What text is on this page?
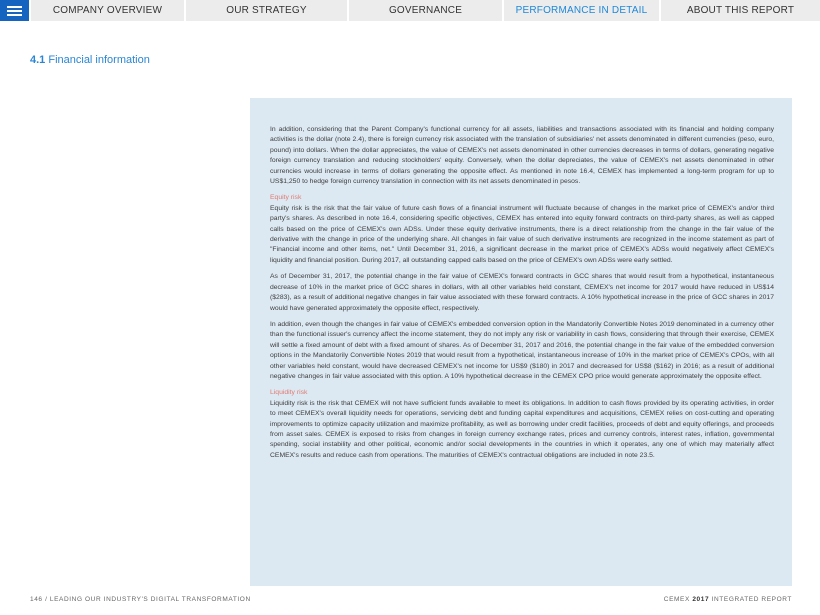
COMPANY OVERVIEW	OUR STRATEGY	GOVERNANCE	PERFORMANCE IN DETAIL	ABOUT THIS REPORT
4.1 Financial information

In addition, considering that the Parent Company's functional currency for all assets, liabilities and transactions associated with its financial and holding company activities is the dollar (note 2.4), there is foreign currency risk associated with the translation of subsidiaries' net assets denominated in different currencies (peso, euro, pound) into dollars. When the dollar appreciates, the value of CEMEX's net assets denominated in other currencies decreases in terms of dollars, generating negative foreign currency translation and reducing stockholders' equity. Conversely, when the dollar depreciates, the value of CEMEX's net assets denominated in other currencies would increase in terms of dollars generating the opposite effect. As mentioned in note 16.4, CEMEX has implemented a long-term program for up to US$1,250 to hedge foreign currency translation in connection with its net assets denominated in pesos.

Equity risk

Equity risk is the risk that the fair value of future cash flows of a financial instrument will fluctuate because of changes in the market price of CEMEX's and/or third party's shares. As described in note 16.4, considering specific objectives, CEMEX has entered into equity forward contracts on third-party shares, as well as capped calls based on the price of CEMEX's own ADSs. Under these equity derivative instruments, there is a direct relationship from the change in the fair value of the derivative with the change in price of the underlying share. All changes in fair value of such derivative instruments are recognized in the income statement as part of "Financial income and other items, net." Until December 31, 2016, a significant decrease in the market price of CEMEX's ADSs would negatively affect CEMEX's liquidity and financial position. During 2017, all outstanding capped calls based on the price of CEMEX's own ADSs were early settled.

As of December 31, 2017, the potential change in the fair value of CEMEX's forward contracts in GCC shares that would result from a hypothetical, instantaneous decrease of 10% in the market price of GCC shares in dollars, with all other variables held constant, CEMEX's net income for 2017 would have reduced in US$14 ($283), as a result of additional negative changes in fair value associated with these forward contracts. A 10% hypothetical increase in the price of GCC shares in 2017 would have generated approximately the opposite effect, respectively.

In addition, even though the changes in fair value of CEMEX's embedded conversion option in the Mandatorily Convertible Notes 2019 denominated in a currency other than the functional issuer's currency affect the income statement, they do not imply any risk or variability in cash flows, considering that through their exercise, CEMEX will settle a fixed amount of debt with a fixed amount of shares. As of December 31, 2017 and 2016, the potential change in the fair value of the embedded conversion options in the Mandatorily Convertible Notes 2019 that would result from a hypothetical, instantaneous increase of 10% in the market price of CEMEX's CPOs, with all other variables held constant, would have decreased CEMEX's net income for US$9 ($180) in 2017 and decreased for US$8 ($162) in 2016; as a result of additional negative changes in fair value associated with this option. A 10% hypothetical decrease in the CEMEX CPO price would generate approximately the opposite effect.

Liquidity risk

Liquidity risk is the risk that CEMEX will not have sufficient funds available to meet its obligations. In addition to cash flows provided by its operating activities, in order to meet CEMEX's overall liquidity needs for operations, servicing debt and funding capital expenditures and acquisitions, CEMEX relies on cost-cutting and operating improvements to optimize capacity utilization and maximize profitability, as well as borrowing under credit facilities, proceeds of debt and equity offerings, and proceeds from asset sales. CEMEX is exposed to risks from changes in foreign currency exchange rates, prices and currency controls, interest rates, inflation, governmental spending, social instability and other political, economic and/or social developments in the countries in which it operates, any one of which may materially affect CEMEX's results and reduce cash from operations. The maturities of CEMEX's contractual obligations are included in note 23.5.

146 / LEADING OUR INDUSTRY'S DIGITAL TRANSFORMATION	CEMEX 2017 INTEGRATED REPORT
